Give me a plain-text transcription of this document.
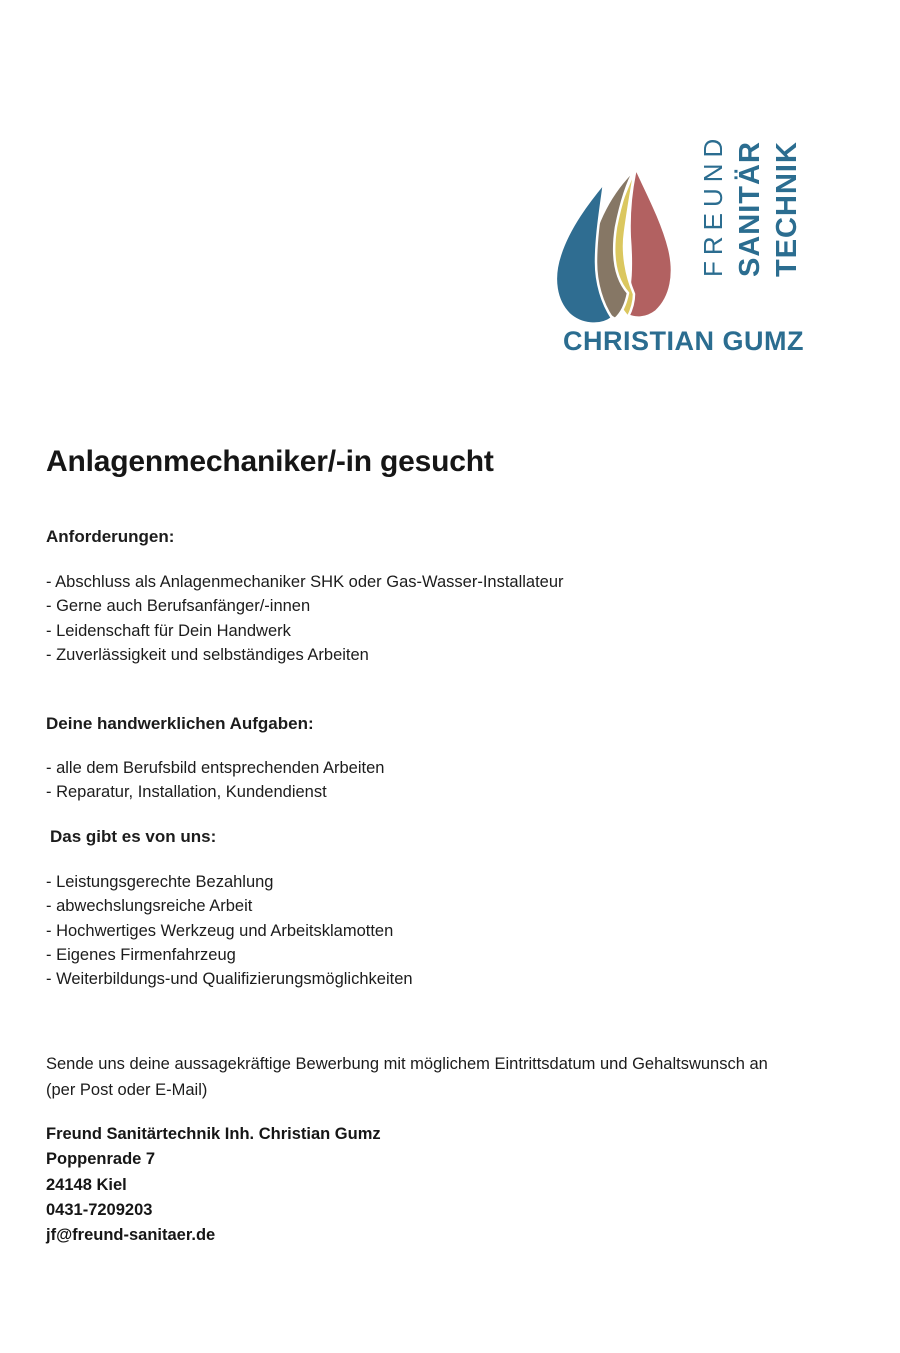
FREUND SANITÄR TECHNIK
CHRISTIAN GUMZ
Anlagenmechaniker/-in gesucht
Anforderungen:
- Abschluss als Anlagenmechaniker SHK oder Gas-Wasser-Installateur
- Gerne auch Berufsanfänger/-innen
- Leidenschaft für Dein Handwerk
- Zuverlässigkeit und selbständiges Arbeiten
Deine handwerklichen Aufgaben:
- alle dem Berufsbild entsprechenden Arbeiten
- Reparatur, Installation, Kundendienst
Das gibt es von uns:
- Leistungsgerechte Bezahlung
- abwechslungsreiche Arbeit
- Hochwertiges Werkzeug und Arbeitsklamotten
- Eigenes Firmenfahrzeug
- Weiterbildungs-und Qualifizierungsmöglichkeiten
Sende uns deine aussagekräftige Bewerbung mit möglichem Eintrittsdatum und Gehaltswunsch an
(per Post oder E-Mail)
Freund Sanitärtechnik Inh. Christian Gumz
Poppenrade 7
24148 Kiel
0431-7209203
jf@freund-sanitaer.de
